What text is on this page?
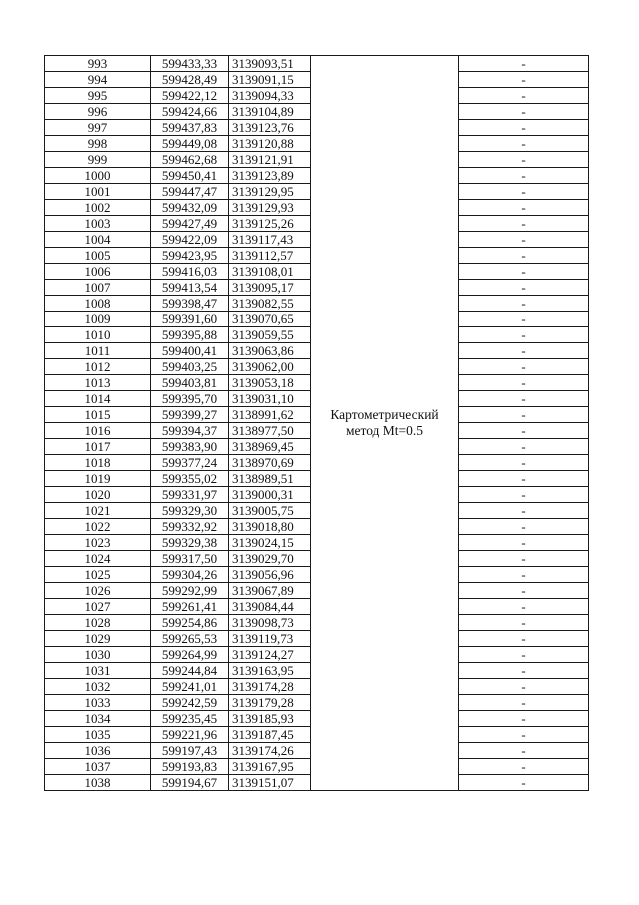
993	599433,33	3139093,51	Картометрический метод Mt=0.5	-
994	599428,49	3139091,15		-
995	599422,12	3139094,33		-
996	599424,66	3139104,89		-
997	599437,83	3139123,76		-
998	599449,08	3139120,88		-
999	599462,68	3139121,91		-
1000	599450,41	3139123,89		-
1001	599447,47	3139129,95		-
1002	599432,09	3139129,93		-
1003	599427,49	3139125,26		-
1004	599422,09	3139117,43		-
1005	599423,95	3139112,57		-
1006	599416,03	3139108,01		-
1007	599413,54	3139095,17		-
1008	599398,47	3139082,55		-
1009	599391,60	3139070,65		-
1010	599395,88	3139059,55		-
1011	599400,41	3139063,86		-
1012	599403,25	3139062,00		-
1013	599403,81	3139053,18		-
1014	599395,70	3139031,10		-
1015	599399,27	3138991,62		-
1016	599394,37	3138977,50		-
1017	599383,90	3138969,45		-
1018	599377,24	3138970,69		-
1019	599355,02	3138989,51		-
1020	599331,97	3139000,31		-
1021	599329,30	3139005,75		-
1022	599332,92	3139018,80		-
1023	599329,38	3139024,15		-
1024	599317,50	3139029,70		-
1025	599304,26	3139056,96		-
1026	599292,99	3139067,89		-
1027	599261,41	3139084,44		-
1028	599254,86	3139098,73		-
1029	599265,53	3139119,73		-
1030	599264,99	3139124,27		-
1031	599244,84	3139163,95		-
1032	599241,01	3139174,28		-
1033	599242,59	3139179,28		-
1034	599235,45	3139185,93		-
1035	599221,96	3139187,45		-
1036	599197,43	3139174,26		-
1037	599193,83	3139167,95		-
1038	599194,67	3139151,07		-
